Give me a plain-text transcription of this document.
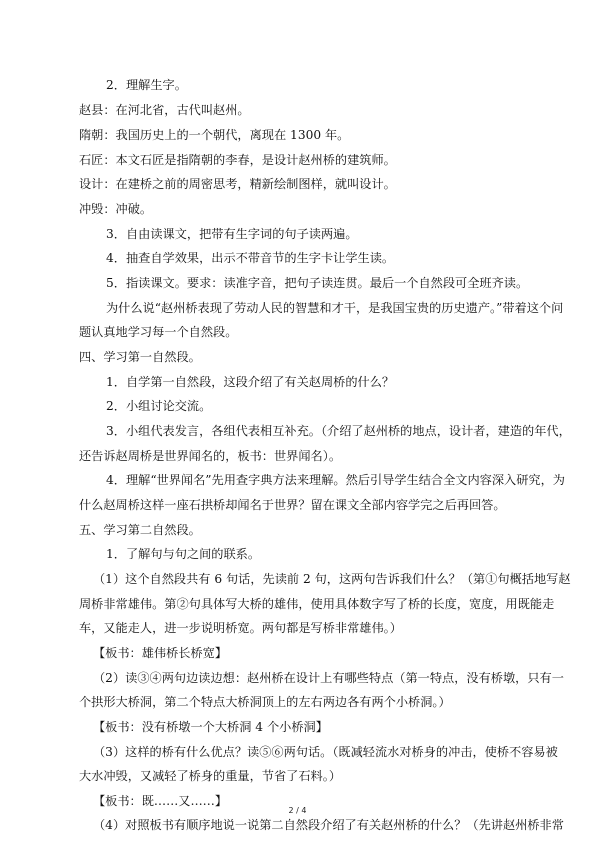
2．理解生字。
赵县：在河北省，古代叫赵州。
隋朝：我国历史上的一个朝代，离现在 1300 年。
石匠：本文石匠是指隋朝的李春，是设计赵州桥的建筑师。
设计：在建桥之前的周密思考，精新绘制图样，就叫设计。
冲毁：冲破。
3．自由读课文，把带有生字词的句子读两遍。
4．抽查自学效果，出示不带音节的生字卡让学生读。
5．指读课文。要求：读准字音，把句子读连贯。最后一个自然段可全班齐读。
为什么说“赵州桥表现了劳动人民的智慧和才干，是我国宝贵的历史遗产。”带着这个问
题认真地学习每一个自然段。
四、学习第一自然段。
1．自学第一自然段，这段介绍了有关赵周桥的什么？
2．小组讨论交流。
3．小组代表发言，各组代表相互补充。（介绍了赵州桥的地点，设计者，建造的年代，
还告诉赵周桥是世界闻名的，板书：世界闻名）。
4．理解“世界闻名”先用查字典方法来理解。然后引导学生结合全文内容深入研究，为
什么赵周桥这样一座石拱桥却闻名于世界？留在课文全部内容学完之后再回答。
五、学习第二自然段。
1．了解句与句之间的联系。
（1）这个自然段共有 6 句话，先读前 2 句，这两句告诉我们什么？（第①句概括地写赵
周桥非常雄伟。第②句具体写大桥的雄伟，使用具体数字写了桥的长度，宽度，用既能走
车，又能走人，进一步说明桥宽。两句都是写桥非常雄伟。）
【板书：雄伟桥长桥宽】
（2）读③④两句边读边想：赵州桥在设计上有哪些特点（第一特点，没有桥墩，只有一
个拱形大桥洞，第二个特点大桥洞顶上的左右两边各有两个小桥洞。）
【板书：没有桥墩一个大桥洞 4 个小桥洞】
（3）这样的桥有什么优点？读⑤⑥两句话。（既减轻流水对桥身的冲击，使桥不容易被
大水冲毁，又减轻了桥身的重量，节省了石料。）
【板书：既……又……】
（4）对照板书有顺序地说一说第二自然段介绍了有关赵州桥的什么？（先讲赵州桥非常
2 / 4
